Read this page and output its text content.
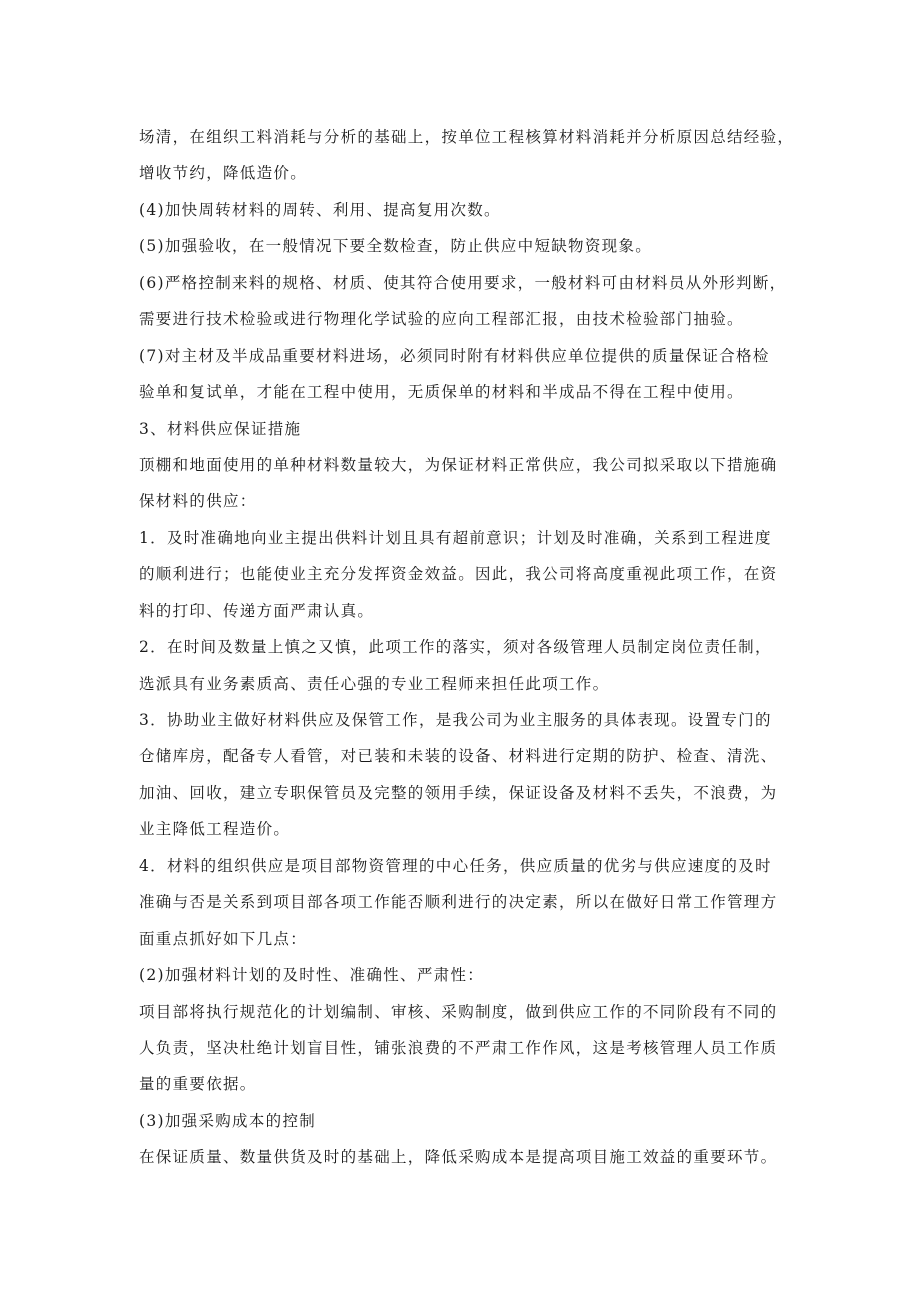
场清，在组织工料消耗与分析的基础上，按单位工程核算材料消耗并分析原因总结经验，
增收节约，降低造价。
(4)加快周转材料的周转、利用、提高复用次数。
(5)加强验收，在一般情况下要全数检查，防止供应中短缺物资现象。
(6)严格控制来料的规格、材质、使其符合使用要求，一般材料可由材料员从外形判断，
需要进行技术检验或进行物理化学试验的应向工程部汇报，由技术检验部门抽验。
(7)对主材及半成品重要材料进场，必须同时附有材料供应单位提供的质量保证合格检
验单和复试单，才能在工程中使用，无质保单的材料和半成品不得在工程中使用。
3、材料供应保证措施
顶棚和地面使用的单种材料数量较大，为保证材料正常供应，我公司拟采取以下措施确
保材料的供应：
1．及时准确地向业主提出供料计划且具有超前意识；计划及时准确，关系到工程进度
的顺利进行；也能使业主充分发挥资金效益。因此，我公司将高度重视此项工作，在资
料的打印、传递方面严肃认真。
2．在时间及数量上慎之又慎，此项工作的落实，须对各级管理人员制定岗位责任制，
选派具有业务素质高、责任心强的专业工程师来担任此项工作。
3．协助业主做好材料供应及保管工作，是我公司为业主服务的具体表现。设置专门的
仓储库房，配备专人看管，对已装和未装的设备、材料进行定期的防护、检查、清洗、
加油、回收，建立专职保管员及完整的领用手续，保证设备及材料不丢失，不浪费，为
业主降低工程造价。
4．材料的组织供应是项目部物资管理的中心任务，供应质量的优劣与供应速度的及时
准确与否是关系到项目部各项工作能否顺利进行的决定素，所以在做好日常工作管理方
面重点抓好如下几点：
(2)加强材料计划的及时性、准确性、严肃性：
项目部将执行规范化的计划编制、审核、采购制度，做到供应工作的不同阶段有不同的
人负责，坚决杜绝计划盲目性，铺张浪费的不严肃工作作风，这是考核管理人员工作质
量的重要依据。
(3)加强采购成本的控制
在保证质量、数量供货及时的基础上，降低采购成本是提高项目施工效益的重要环节。
